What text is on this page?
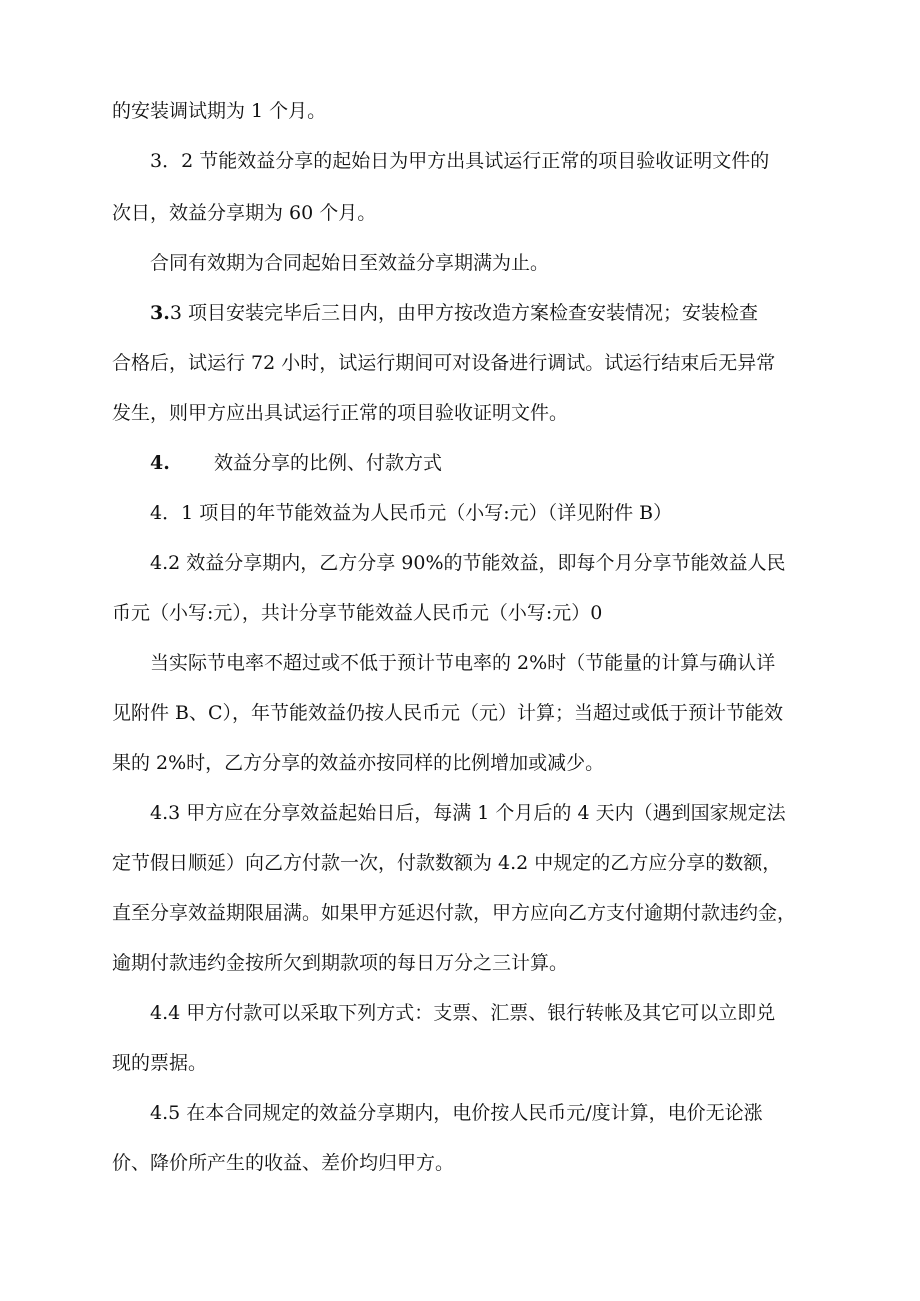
的安装调试期为 1 个月。
3．2 节能效益分享的起始日为甲方出具试运行正常的项目验收证明文件的
次日，效益分享期为 60 个月。
合同有效期为合同起始日至效益分享期满为止。
3.3 项目安装完毕后三日内，由甲方按改造方案检查安装情况；安装检查
合格后，试运行 72 小时，试运行期间可对设备进行调试。试运行结束后无异常
发生，则甲方应出具试运行正常的项目验收证明文件。
4. 效益分享的比例、付款方式
4．1 项目的年节能效益为人民币元（小写:元）（详见附件 B）
4.2 效益分享期内，乙方分享 90%的节能效益，即每个月分享节能效益人民
币元（小写:元），共计分享节能效益人民币元（小写:元）0
当实际节电率不超过或不低于预计节电率的 2%时（节能量的计算与确认详
见附件 B、C），年节能效益仍按人民币元（元）计算；当超过或低于预计节能效
果的 2%时，乙方分享的效益亦按同样的比例增加或减少。
4.3 甲方应在分享效益起始日后，每满 1 个月后的 4 天内（遇到国家规定法
定节假日顺延）向乙方付款一次，付款数额为 4.2 中规定的乙方应分享的数额，
直至分享效益期限届满。如果甲方延迟付款，甲方应向乙方支付逾期付款违约金，
逾期付款违约金按所欠到期款项的每日万分之三计算。
4.4 甲方付款可以采取下列方式：支票、汇票、银行转帐及其它可以立即兑
现的票据。
4.5 在本合同规定的效益分享期内，电价按人民币元/度计算，电价无论涨
价、降价所产生的收益、差价均归甲方。
